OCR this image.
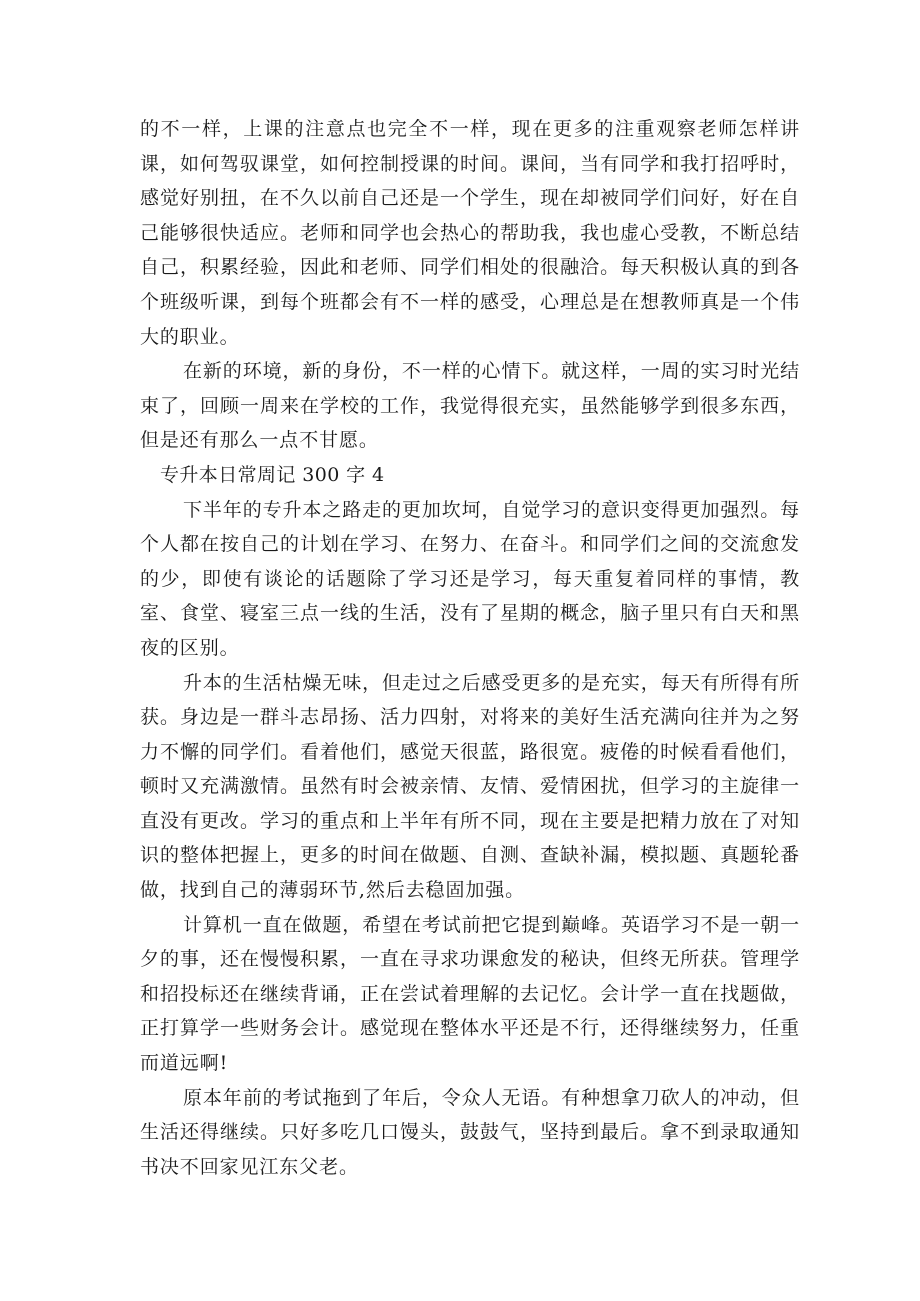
的不一样，上课的注意点也完全不一样，现在更多的注重观察老师怎样讲课，如何驾驭课堂，如何控制授课的时间。课间，当有同学和我打招呼时，感觉好别扭，在不久以前自己还是一个学生，现在却被同学们问好，好在自己能够很快适应。老师和同学也会热心的帮助我，我也虚心受教，不断总结自己，积累经验，因此和老师、同学们相处的很融洽。每天积极认真的到各个班级听课，到每个班都会有不一样的感受，心理总是在想教师真是一个伟大的职业。

在新的环境，新的身份，不一样的心情下。就这样，一周的实习时光结束了，回顾一周来在学校的工作，我觉得很充实，虽然能够学到很多东西，但是还有那么一点不甘愿。

专升本日常周记 300 字 4

下半年的专升本之路走的更加坎坷，自觉学习的意识变得更加强烈。每个人都在按自己的计划在学习、在努力、在奋斗。和同学们之间的交流愈发的少，即使有谈论的话题除了学习还是学习，每天重复着同样的事情，教室、食堂、寝室三点一线的生活，没有了星期的概念，脑子里只有白天和黑夜的区别。

升本的生活枯燥无味，但走过之后感受更多的是充实，每天有所得有所获。身边是一群斗志昂扬、活力四射，对将来的美好生活充满向往并为之努力不懈的同学们。看着他们，感觉天很蓝，路很宽。疲倦的时候看看他们，顿时又充满激情。虽然有时会被亲情、友情、爱情困扰，但学习的主旋律一直没有更改。学习的重点和上半年有所不同，现在主要是把精力放在了对知识的整体把握上，更多的时间在做题、自测、查缺补漏，模拟题、真题轮番做，找到自己的薄弱环节,然后去稳固加强。

计算机一直在做题，希望在考试前把它提到巅峰。英语学习不是一朝一夕的事，还在慢慢积累，一直在寻求功课愈发的秘诀，但终无所获。管理学和招投标还在继续背诵，正在尝试着理解的去记忆。会计学一直在找题做，正打算学一些财务会计。感觉现在整体水平还是不行，还得继续努力，任重而道远啊!

原本年前的考试拖到了年后，令众人无语。有种想拿刀砍人的冲动，但生活还得继续。只好多吃几口馒头，鼓鼓气，坚持到最后。拿不到录取通知书决不回家见江东父老。
